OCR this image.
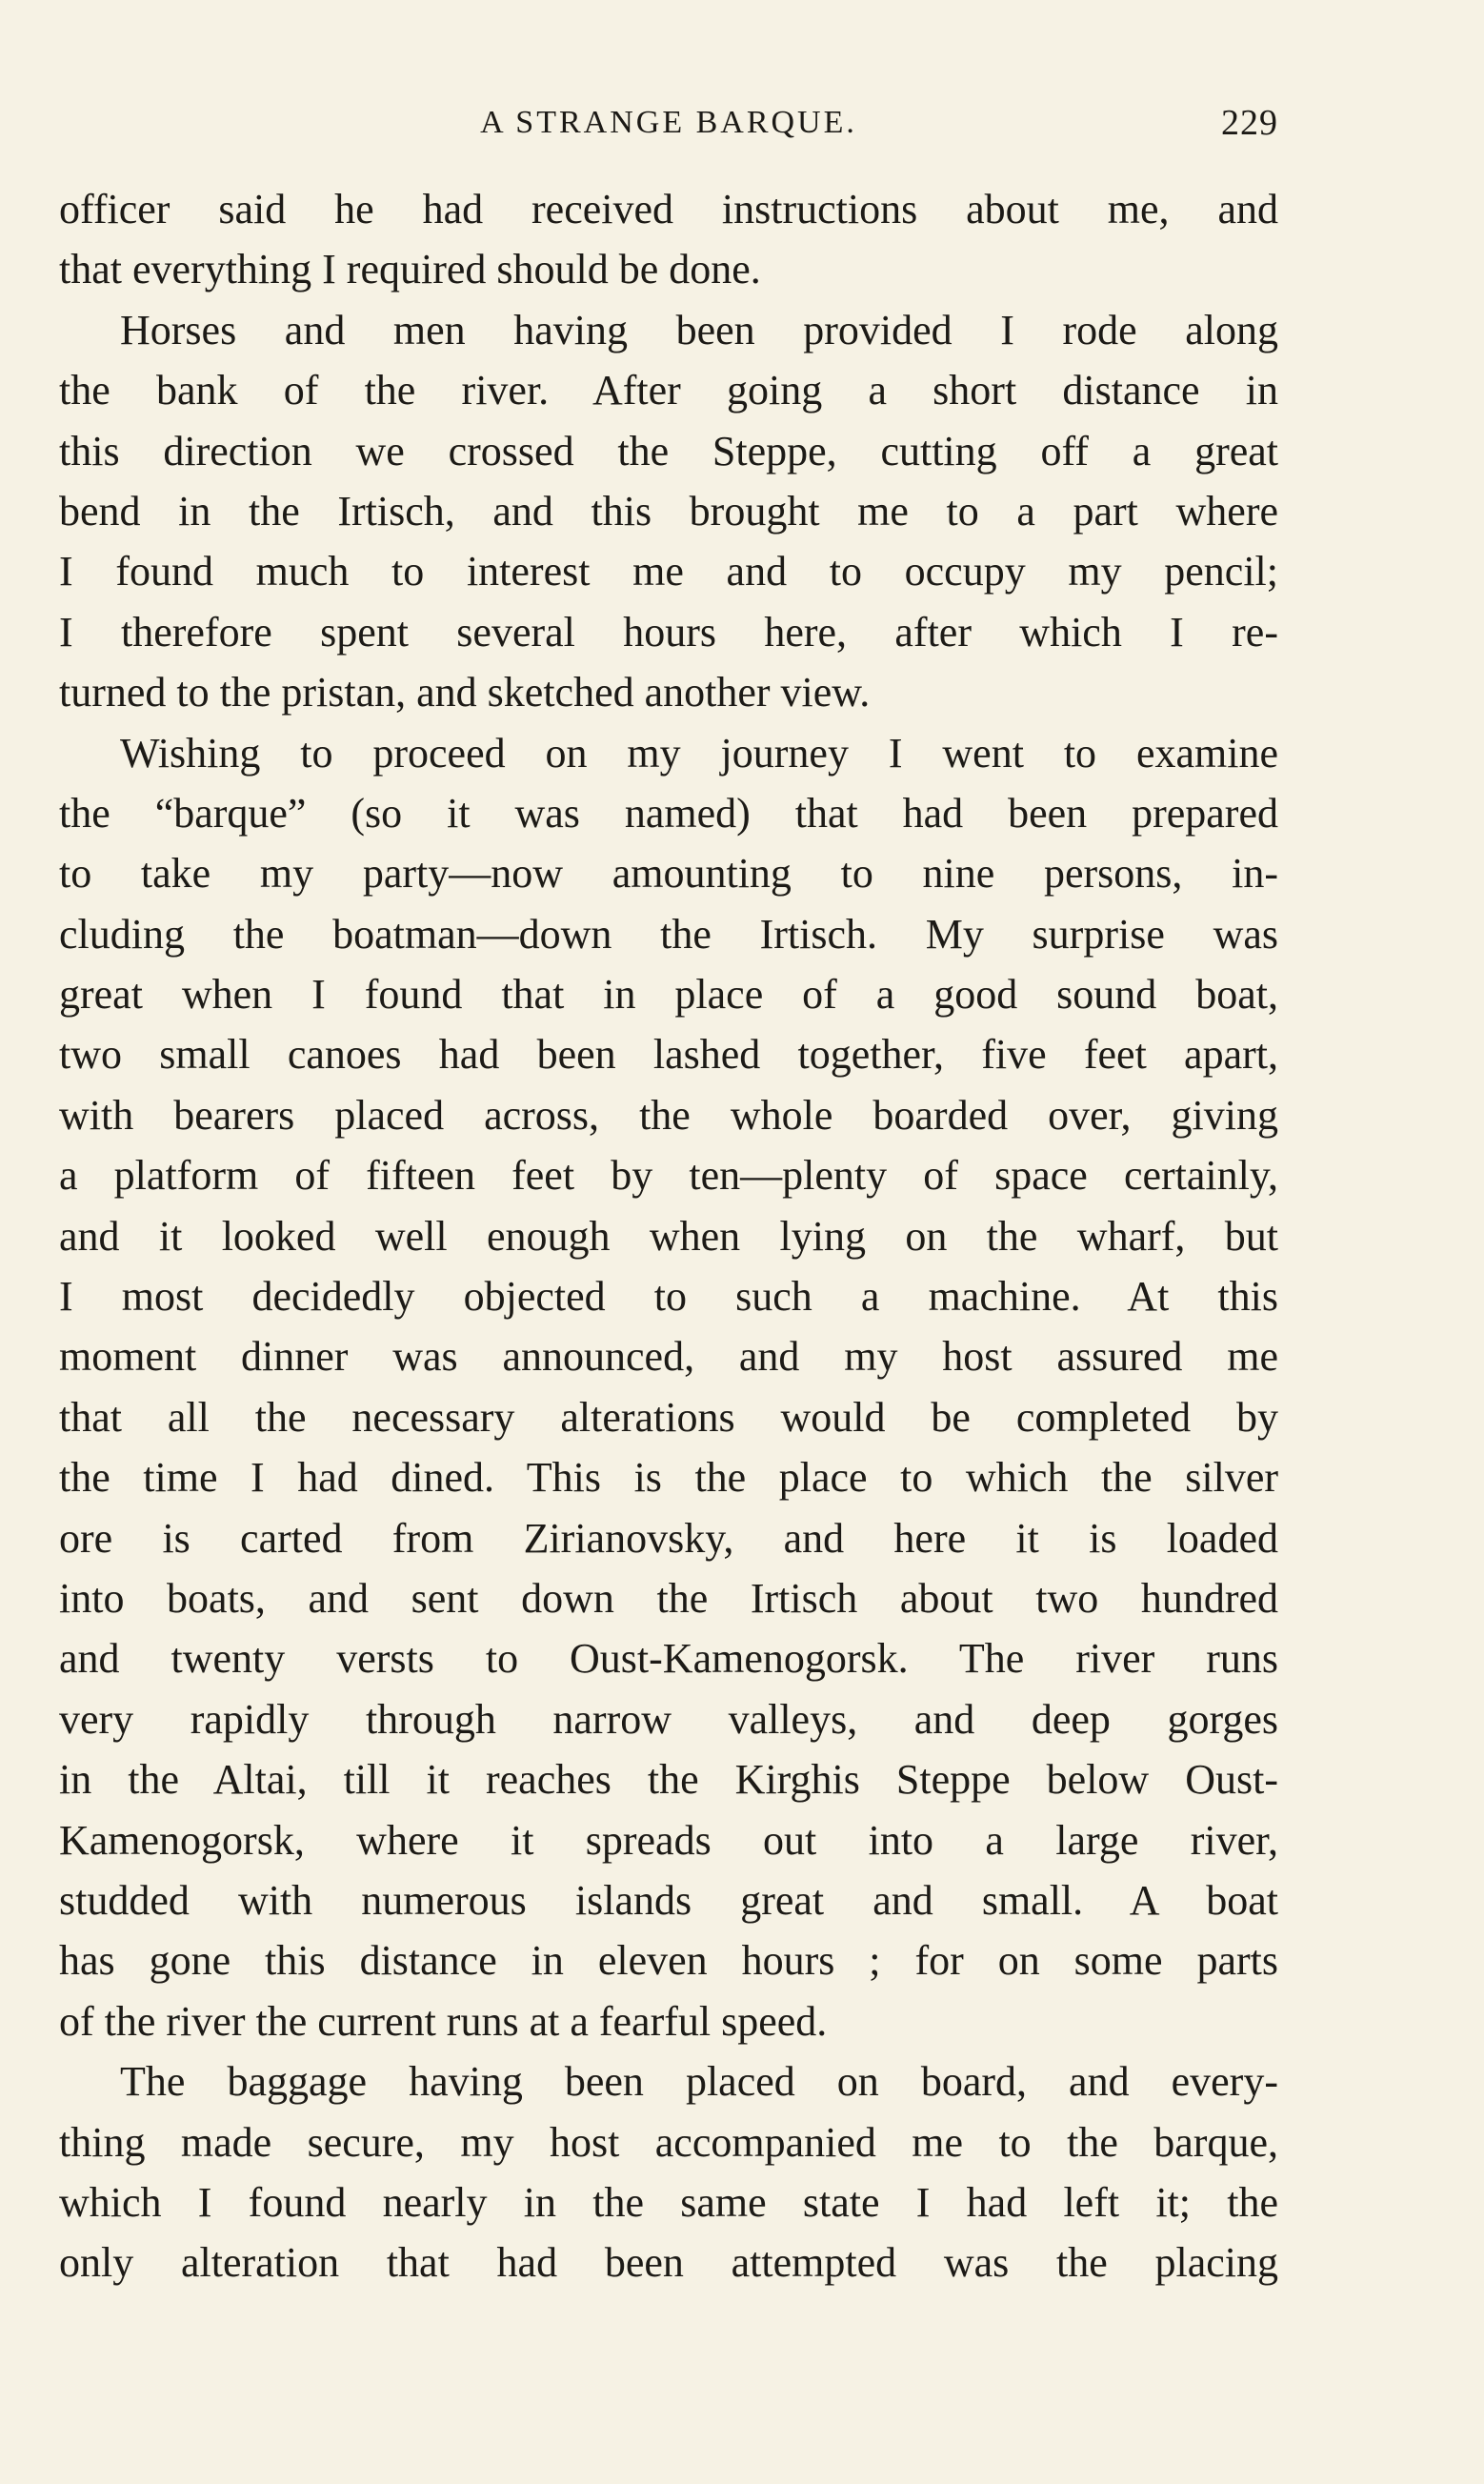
A STRANGE BARQUE.	229
officer said he had received instructions about me, and
that everything I required should be done.
Horses and men having been provided I rode along
the bank of the river. After going a short distance in
this direction we crossed the Steppe, cutting off a great
bend in the Irtisch, and this brought me to a part where
I found much to interest me and to occupy my pencil;
I therefore spent several hours here, after which I re-
turned to the pristan, and sketched another view.
Wishing to proceed on my journey I went to examine
the “barque” (so it was named) that had been prepared
to take my party—now amounting to nine persons, in-
cluding the boatman—down the Irtisch. My surprise was
great when I found that in place of a good sound boat,
two small canoes had been lashed together, five feet apart,
with bearers placed across, the whole boarded over, giving
a platform of fifteen feet by ten—plenty of space certainly,
and it looked well enough when lying on the wharf, but
I most decidedly objected to such a machine. At this
moment dinner was announced, and my host assured me
that all the necessary alterations would be completed by
the time I had dined. This is the place to which the silver
ore is carted from Zirianovsky, and here it is loaded
into boats, and sent down the Irtisch about two hundred
and twenty versts to Oust-Kamenogorsk. The river runs
very rapidly through narrow valleys, and deep gorges
in the Altai, till it reaches the Kirghis Steppe below Oust-
Kamenogorsk, where it spreads out into a large river,
studded with numerous islands great and small. A boat
has gone this distance in eleven hours ; for on some parts
of the river the current runs at a fearful speed.
The baggage having been placed on board, and every-
thing made secure, my host accompanied me to the barque,
which I found nearly in the same state I had left it; the
only alteration that had been attempted was the placing
